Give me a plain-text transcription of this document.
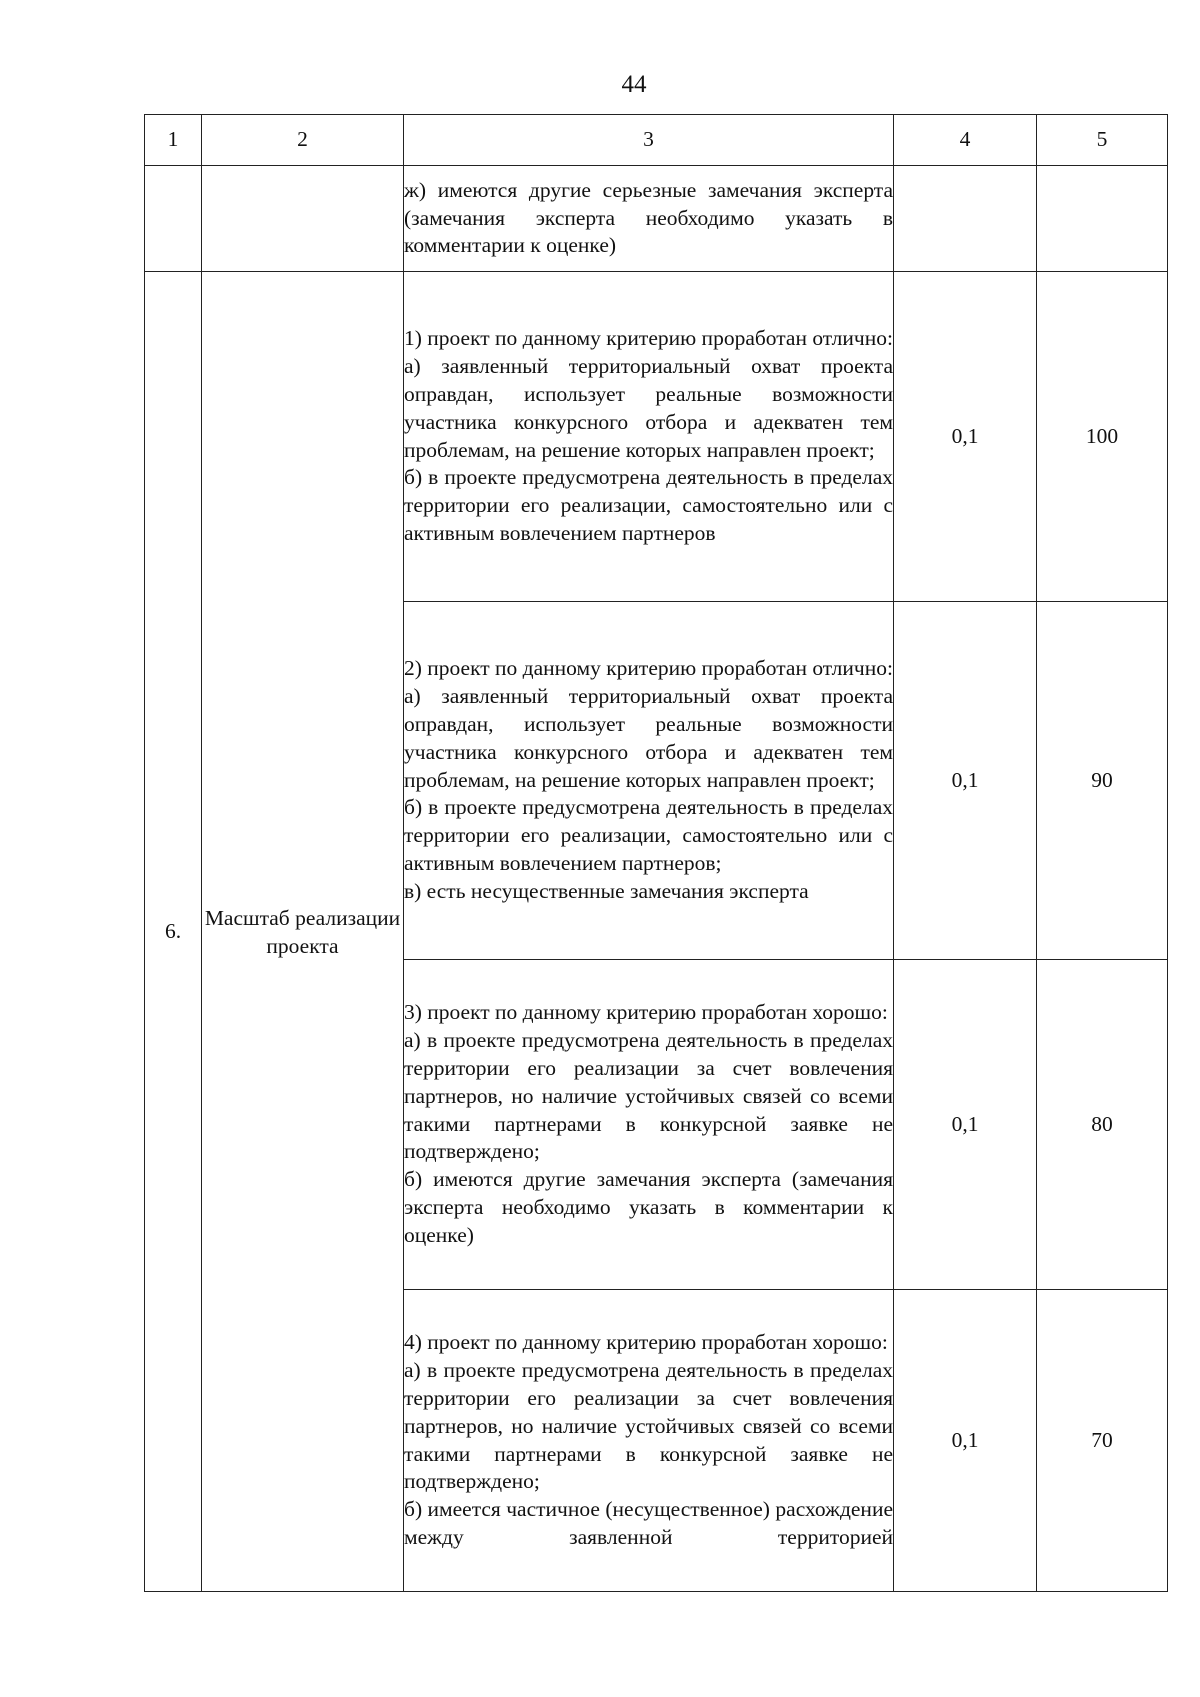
44
1	2	3	4	5

		ж) имеются другие серьезные замечания эксперта (замечания эксперта необходимо указать в комментарии к оценке)		

6.	Масштаб реализации проекта	1) проект по данному критерию проработан отлично:

а) заявленный территориальный охват проекта оправдан, использует реальные возможности участника конкурсного отбора и адекватен тем проблемам, на решение которых направлен проект;

б) в проекте предусмотрена деятельность в пределах территории его реализации, самостоятельно или с активным вовлечением партнеров	0,1	100

		2) проект по данному критерию проработан отлично:

а) заявленный территориальный охват проекта оправдан, использует реальные возможности участника конкурсного отбора и адекватен тем проблемам, на решение которых направлен проект;

б) в проекте предусмотрена деятельность в пределах территории его реализации, самостоятельно или с активным вовлечением партнеров;

в) есть несущественные замечания эксперта	0,1	90

		3) проект по данному критерию проработан хорошо:

а) в проекте предусмотрена деятельность в пределах территории его реализации за счет вовлечения партнеров, но наличие устойчивых связей со всеми такими партнерами в конкурсной заявке не подтверждено;

б) имеются другие замечания эксперта (замечания эксперта необходимо указать в комментарии к оценке)	0,1	80

		4) проект по данному критерию проработан хорошо:

а) в проекте предусмотрена деятельность в пределах территории его реализации за счет вовлечения партнеров, но наличие устойчивых связей со всеми такими партнерами в конкурсной заявке не подтверждено;

б) имеется частичное (несущественное) расхождение между заявленной территорией	0,1	70
